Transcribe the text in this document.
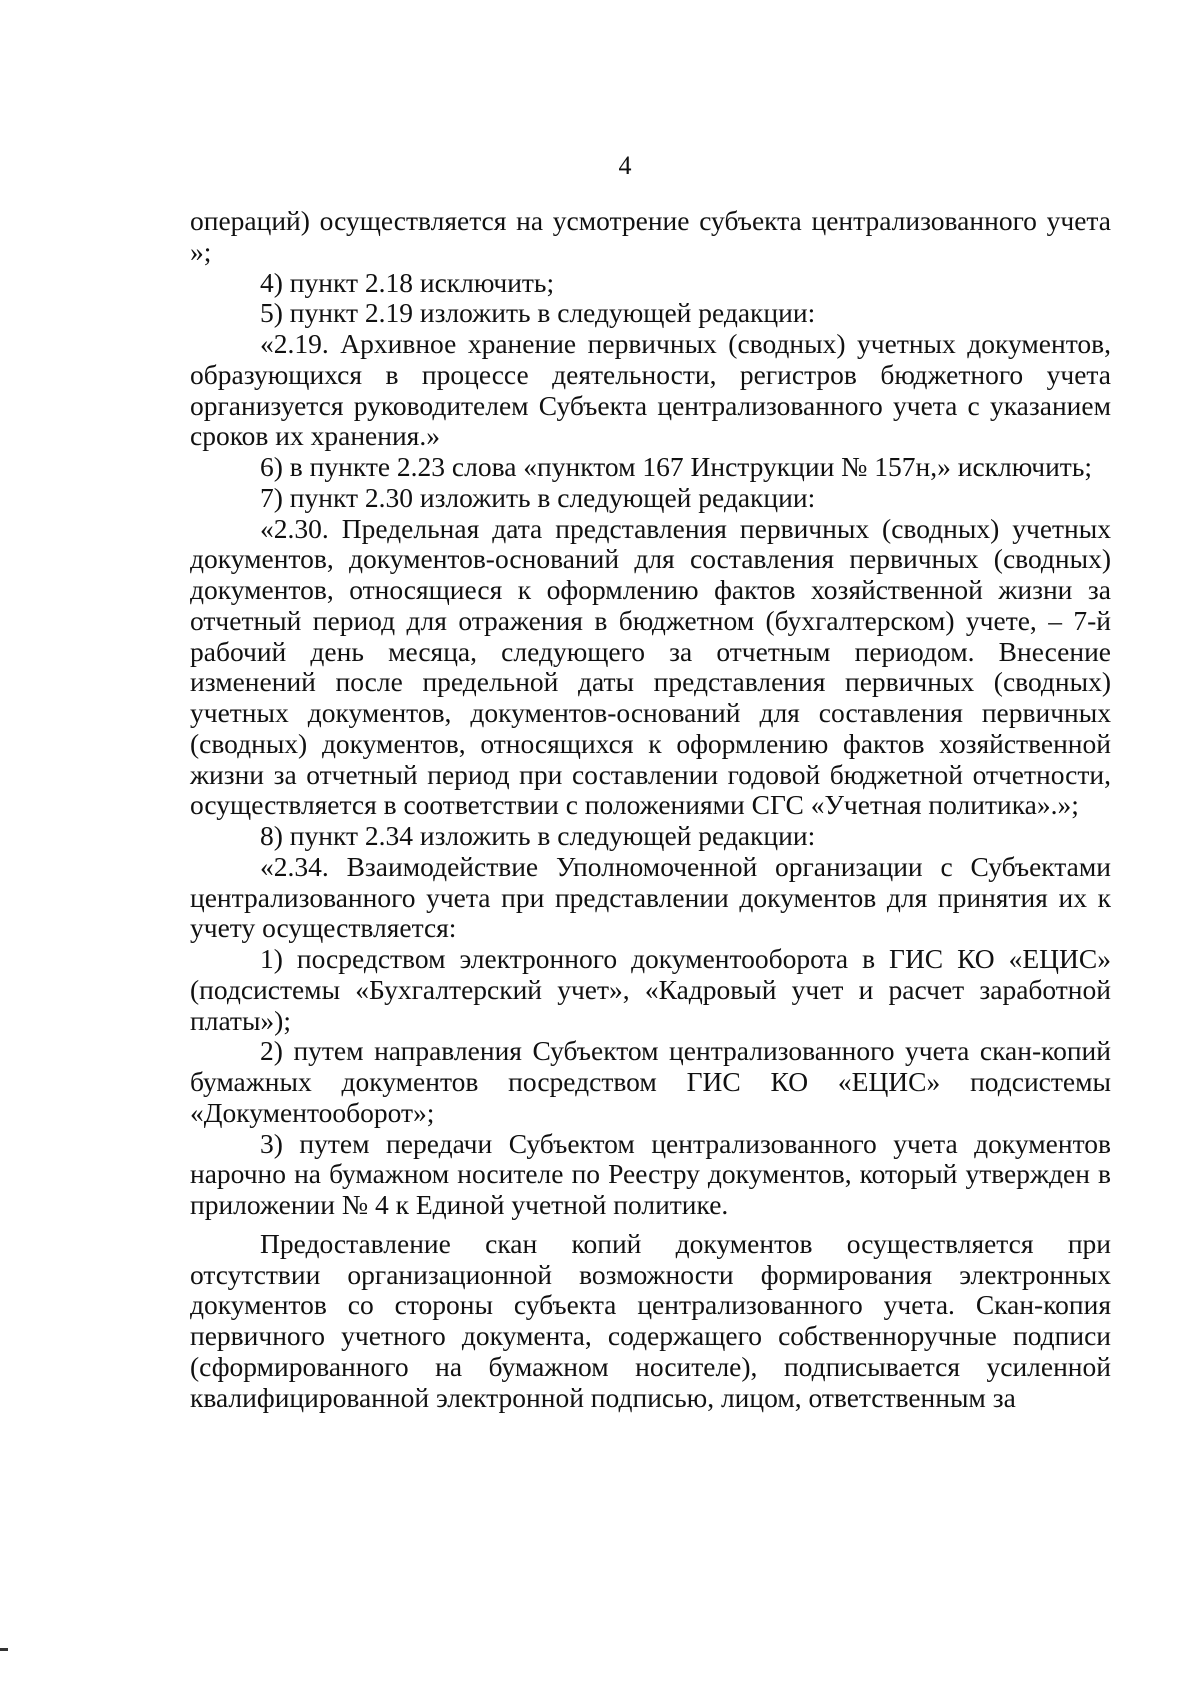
4

операций) осуществляется на усмотрение субъекта централизованного учета »;

4) пункт 2.18 исключить;

5) пункт 2.19 изложить в следующей редакции:

«2.19. Архивное хранение первичных (сводных) учетных документов, образующихся в процессе деятельности, регистров бюджетного учета организуется руководителем Субъекта централизованного учета с указанием сроков их хранения.»

6) в пункте 2.23 слова «пунктом 167 Инструкции № 157н,» исключить;

7) пункт 2.30 изложить в следующей редакции:

«2.30. Предельная дата представления первичных (сводных) учетных документов, документов-оснований для составления первичных (сводных) документов, относящиеся к оформлению фактов хозяйственной жизни за отчетный период для отражения в бюджетном (бухгалтерском) учете, – 7-й рабочий день месяца, следующего за отчетным периодом. Внесение изменений после предельной даты представления первичных (сводных) учетных документов, документов-оснований для составления первичных (сводных) документов, относящихся к оформлению фактов хозяйственной жизни за отчетный период при составлении годовой бюджетной отчетности, осуществляется в соответствии с положениями СГС «Учетная политика».»;

8) пункт 2.34 изложить в следующей редакции:

«2.34. Взаимодействие Уполномоченной организации с Субъектами централизованного учета при представлении документов для принятия их к учету осуществляется:

1) посредством электронного документооборота в ГИС КО «ЕЦИС» (подсистемы «Бухгалтерский учет», «Кадровый учет и расчет заработной платы»);

2) путем направления Субъектом централизованного учета скан-копий бумажных документов посредством ГИС КО «ЕЦИС» подсистемы «Документооборот»;

3) путем передачи Субъектом централизованного учета документов нарочно на бумажном носителе по Реестру документов, который утвержден в приложении № 4 к Единой учетной политике.

Предоставление скан копий документов осуществляется при отсутствии организационной возможности формирования электронных документов со стороны субъекта централизованного учета. Скан-копия первичного учетного документа, содержащего собственноручные подписи (сформированного на бумажном носителе), подписывается усиленной квалифицированной электронной подписью, лицом, ответственным за
